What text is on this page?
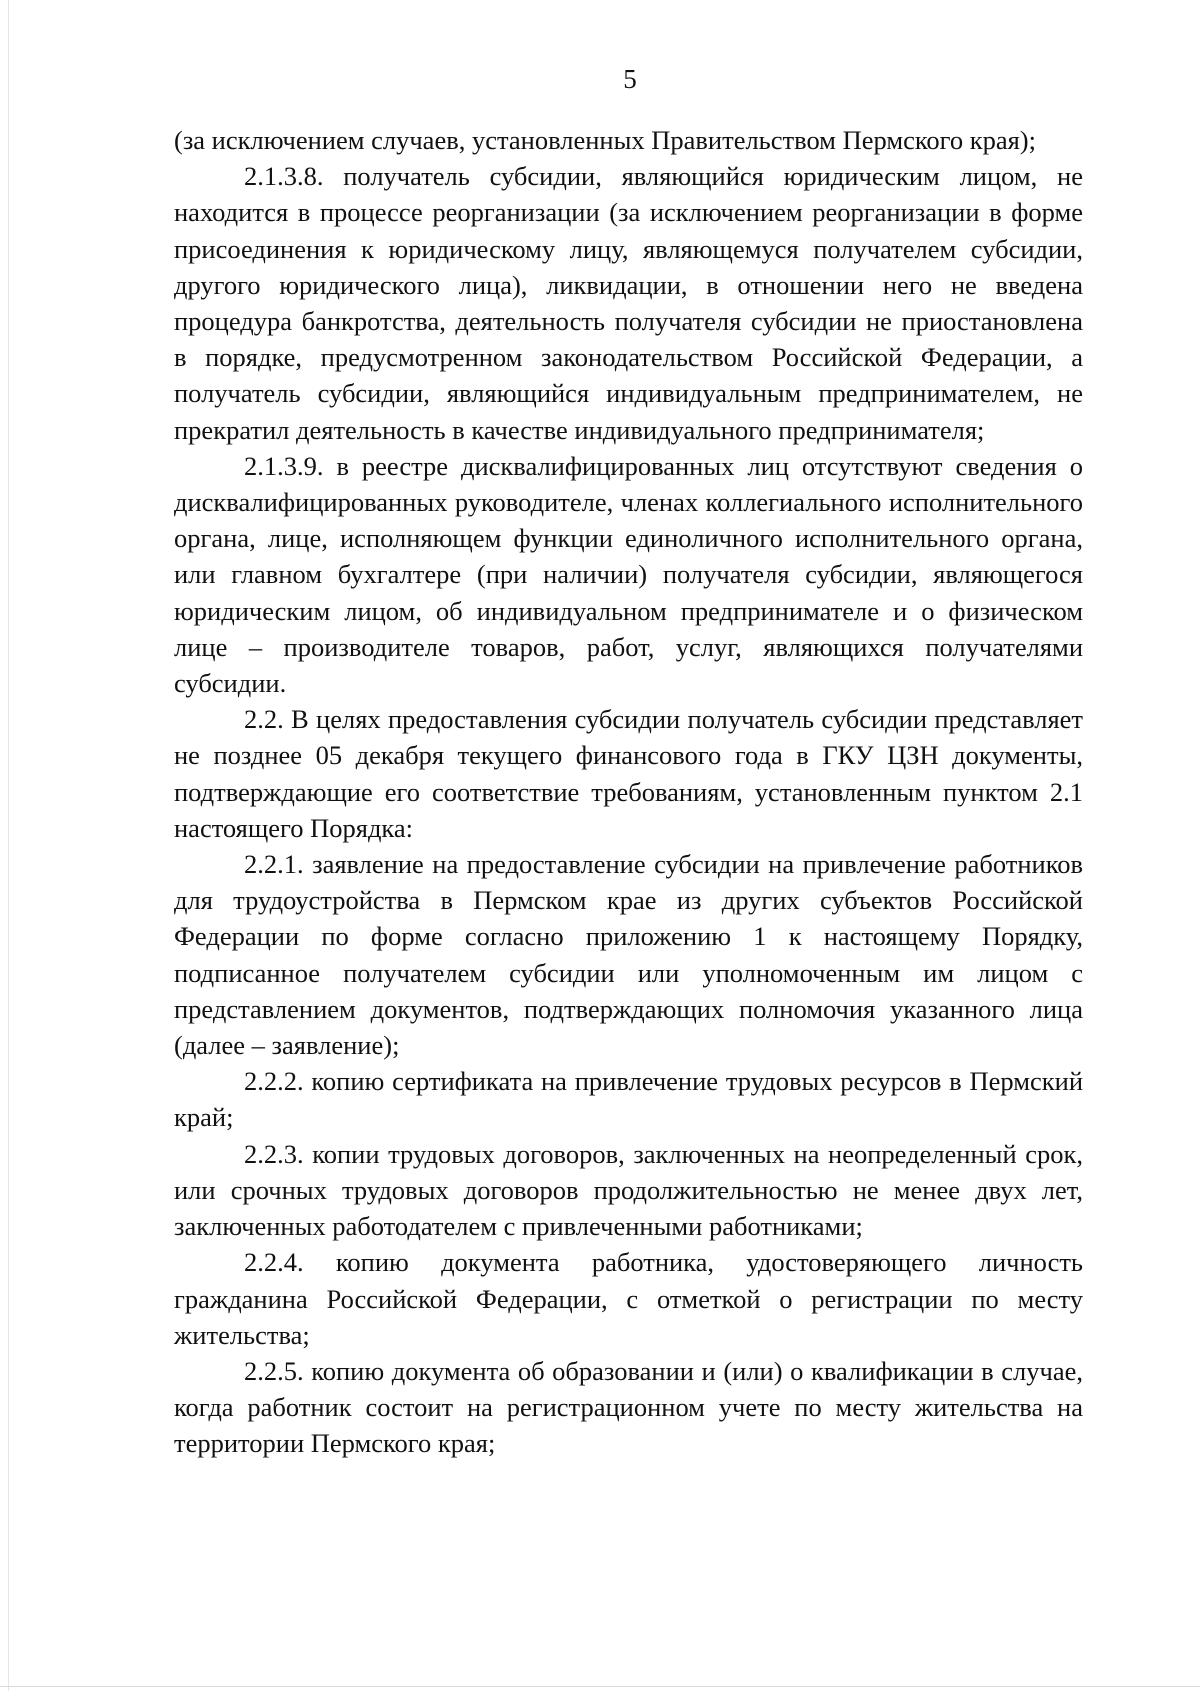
5

(за исключением случаев, установленных Правительством Пермского края);

2.1.3.8. получатель субсидии, являющийся юридическим лицом, не находится в процессе реорганизации (за исключением реорганизации в форме присоединения к юридическому лицу, являющемуся получателем субсидии, другого юридического лица), ликвидации, в отношении него не введена процедура банкротства, деятельность получателя субсидии не приостановлена в порядке, предусмотренном законодательством Российской Федерации, а получатель субсидии, являющийся индивидуальным предпринимателем, не прекратил деятельность в качестве индивидуального предпринимателя;

2.1.3.9. в реестре дисквалифицированных лиц отсутствуют сведения о дисквалифицированных руководителе, членах коллегиального исполнительного органа, лице, исполняющем функции единоличного исполнительного органа, или главном бухгалтере (при наличии) получателя субсидии, являющегося юридическим лицом, об индивидуальном предпринимателе и о физическом лице – производителе товаров, работ, услуг, являющихся получателями субсидии.

2.2. В целях предоставления субсидии получатель субсидии представляет не позднее 05 декабря текущего финансового года в ГКУ ЦЗН документы, подтверждающие его соответствие требованиям, установленным пунктом 2.1 настоящего Порядка:

2.2.1. заявление на предоставление субсидии на привлечение работников для трудоустройства в Пермском крае из других субъектов Российской Федерации по форме согласно приложению 1 к настоящему Порядку, подписанное получателем субсидии или уполномоченным им лицом с представлением документов, подтверждающих полномочия указанного лица (далее – заявление);

2.2.2. копию сертификата на привлечение трудовых ресурсов в Пермский край;

2.2.3. копии трудовых договоров, заключенных на неопределенный срок, или срочных трудовых договоров продолжительностью не менее двух лет, заключенных работодателем с привлеченными работниками;

2.2.4. копию документа работника, удостоверяющего личность гражданина Российской Федерации, с отметкой о регистрации по месту жительства;

2.2.5. копию документа об образовании и (или) о квалификации в случае, когда работник состоит на регистрационном учете по месту жительства на территории Пермского края;
